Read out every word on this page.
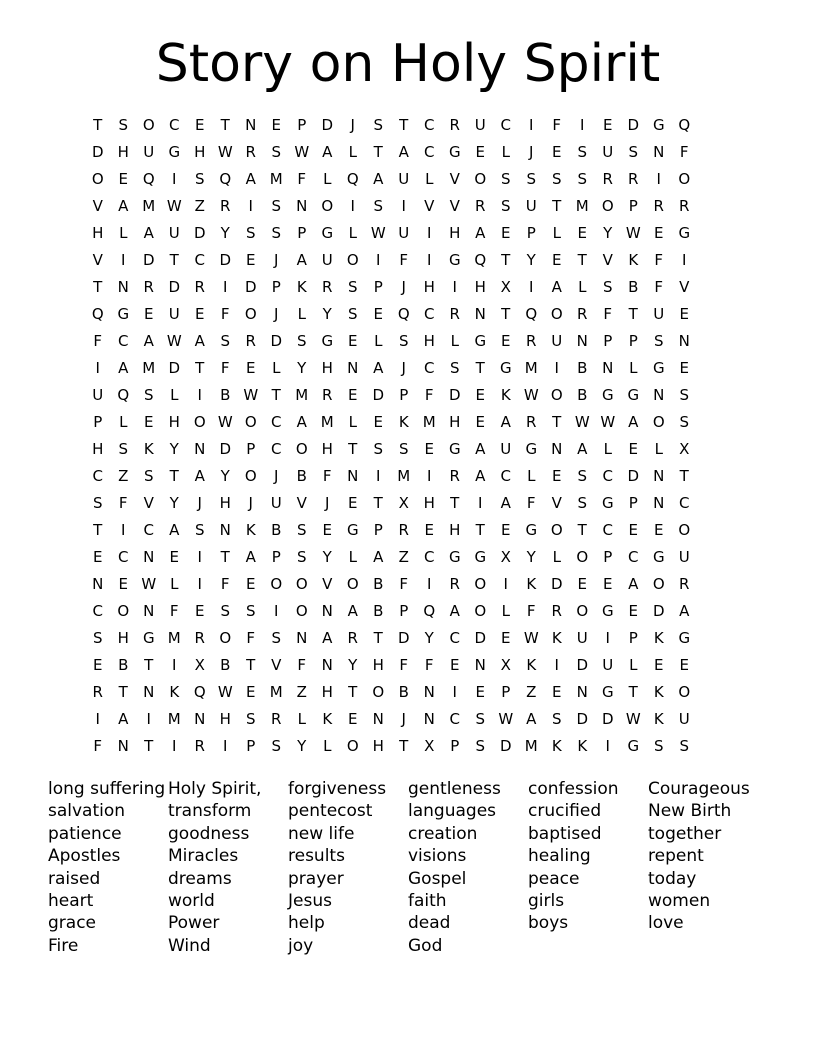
Story on Holy Spirit
T	S O C	E	T	N	E	P	D	J	S	T	C	R U C	I	F	I	E D G Q
D H U G H W R	S W A	L	T	A	C G E	L	J	E	S	U	S	N	F
O E Q	I	S Q A M F	L	Q A U	L	V O S	S	S	S	R	R	I	O
V	A M W Z	R	I	S	N O	I	S	I	V	V	R	S	U	T M O	P	R	R
H	L	A U D	Y	S	S	P	G	L W U	I	H A	E	P	L	E	Y W E G
V	I	D	T	C D E	J	A U O	I	F	I	G Q	T	Y	E	T	V	K	F	I
T	N R D R	I	D	P	K	R	S	P	J	H	I	H X	I	A	L	S	B	F	V
Q G E	U	E	F	O	J	L	Y	S	E Q C	R N	T	Q O R	F	T	U	E
F	C	A W A	S	R D S G E	L	S	H	L	G E	R U N	P	P	S	N
I	A M D	T	F	E	L	Y	H N A	J	C	S	T	G M	I	B N	L	G E
U Q S	L	I	B W T M R	E D	P	F	D E	K W O B G G N	S
P	L	E	H O W O C	A M L	E	K M H	E	A	R	T W W A O S
H	S	K	Y	N D	P	C O H	T	S	S	E G A U G N A	L	E	L	X
C	Z	S	T	A	Y	O	J	B	F	N	I	M	I	R	A	C	L	E	S	C D N	T
S	F	V	Y	J	H	J	U V	J	E	T	X H	T	I	A	F	V	S G	P	N C
T	I	C	A	S	N K	B	S	E G	P	R	E	H	T	E G O	T	C	E	E O
E	C N	E	I	T	A	P	S	Y	L	A	Z	C G G X	Y	L	O	P	C G U
N	E W L	I	F	E O O V O B	F	I	R O	I	K D E	E	A O R
C O N	F	E	S	S	I	O N A	B	P	Q A O	L	F	R O G E D A
S	H G M R O	F	S	N A	R	T	D	Y	C D E W K	U	I	P	K G
E	B	T	I	X	B	T	V	F	N	Y	H	F	F	E	N X	K	I	D U	L	E	E
R	T	N K Q W E M Z H	T	O B N	I	E	P	Z	E	N G	T	K O
I	A	I	M N H	S	R	L	K	E	N	J	N C	S W A	S D D W K	U
F	N	T	I	R	I	P	S	Y	L	O H	T	X	P	S D M K	K	I	G S	S
long suffering
salvation
patience
Apostles
raised
heart
grace
Fire
Holy Spirit,
transform
goodness
Miracles
dreams
world
Power
Wind
forgiveness
pentecost
new life
results
prayer
Jesus
help
joy
gentleness
languages
creation
visions
Gospel
faith
dead
God
confession
crucified
baptised
healing
peace
girls
boys
Courageous
New Birth
together
repent
today
women
love
